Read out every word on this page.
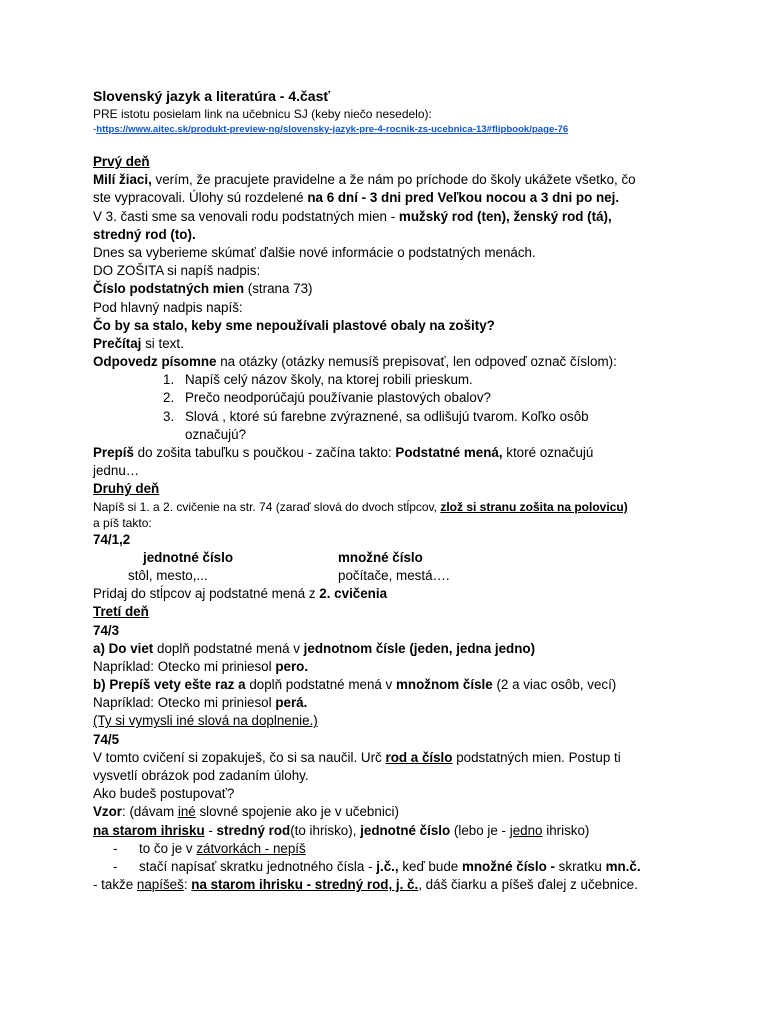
Slovenský jazyk a literatúra - 4.časť
PRE istotu posielam link na učebnicu SJ (keby niečo nesedelo):
-https://www.aitec.sk/produkt-preview-ng/slovensky-jazyk-pre-4-rocnik-zs-ucebnica-13#flipbook/page-76
Prvý deň
Milí žiaci, verím, že pracujete pravidelne a že nám po príchode do školy ukážete všetko, čo
ste vypracovali. Úlohy sú rozdelené na 6 dní - 3 dni pred Veľkou nocou a 3 dni po nej.
V 3. časti sme sa venovali rodu podstatných mien - mužský rod (ten), ženský rod (tá),
stredný rod (to).
Dnes sa vyberieme skúmať ďalšie nové informácie o podstatných menách.
DO ZOŠITA si napíš nadpis:
Číslo podstatných mien (strana 73)
Pod hlavný nadpis napíš:
Čo by sa stalo, keby sme nepoužívali plastové obaly na zošity?
Prečítaj si text.
Odpovedz písomne na otázky (otázky nemusíš prepisovať, len odpoveď označ číslom):
1. Napíš celý názov školy, na ktorej robili prieskum.
2. Prečo neodporúčajú používanie plastových obalov?
3. Slová , ktoré sú farebne zvýraznené, sa odlišujú tvarom. Koľko osôb
označujú?
Prepíš do zošita tabuľku s poučkou - začína takto: Podstatné mená, ktoré označujú
jednu…
Druhý deň
Napíš si 1. a 2. cvičenie na str. 74 (zaraď slová do dvoch stĺpcov, zlož si stranu zošita na polovicu)
a píš takto:
74/1,2
jednotné číslo	množné číslo
stôl, mesto,...	počítače, mestá….
Pridaj do stĺpcov aj podstatné mená z 2. cvičenia
Tretí deň
74/3
a) Do viet doplň podstatné mená v jednotnom čísle (jeden, jedna jedno)
Napríklad: Otecko mi priniesol pero.
b) Prepíš vety ešte raz a doplň podstatné mená v množnom čísle (2 a viac osôb, vecí)
Napríklad: Otecko mi priniesol perá.
(Ty si vymysli iné slová na doplnenie.)
74/5
V tomto cvičení si zopakuješ, čo si sa naučil. Urč rod a číslo podstatných mien. Postup ti
vysvetlí obrázok pod zadaním úlohy.
Ako budeš postupovať?
Vzor: (dávam iné slovné spojenie ako je v učebnici)
na starom ihrisku - stredný rod(to ihrisko), jednotné číslo (lebo je - jedno ihrisko)
- to čo je v zátvorkách - nepíš
- stačí napísať skratku jednotného čísla - j.č., keď bude množné číslo - skratku mn.č.
- takže napíšeš: na starom ihrisku - stredný rod, j. č., dáš čiarku a píšeš ďalej z učebnice.
